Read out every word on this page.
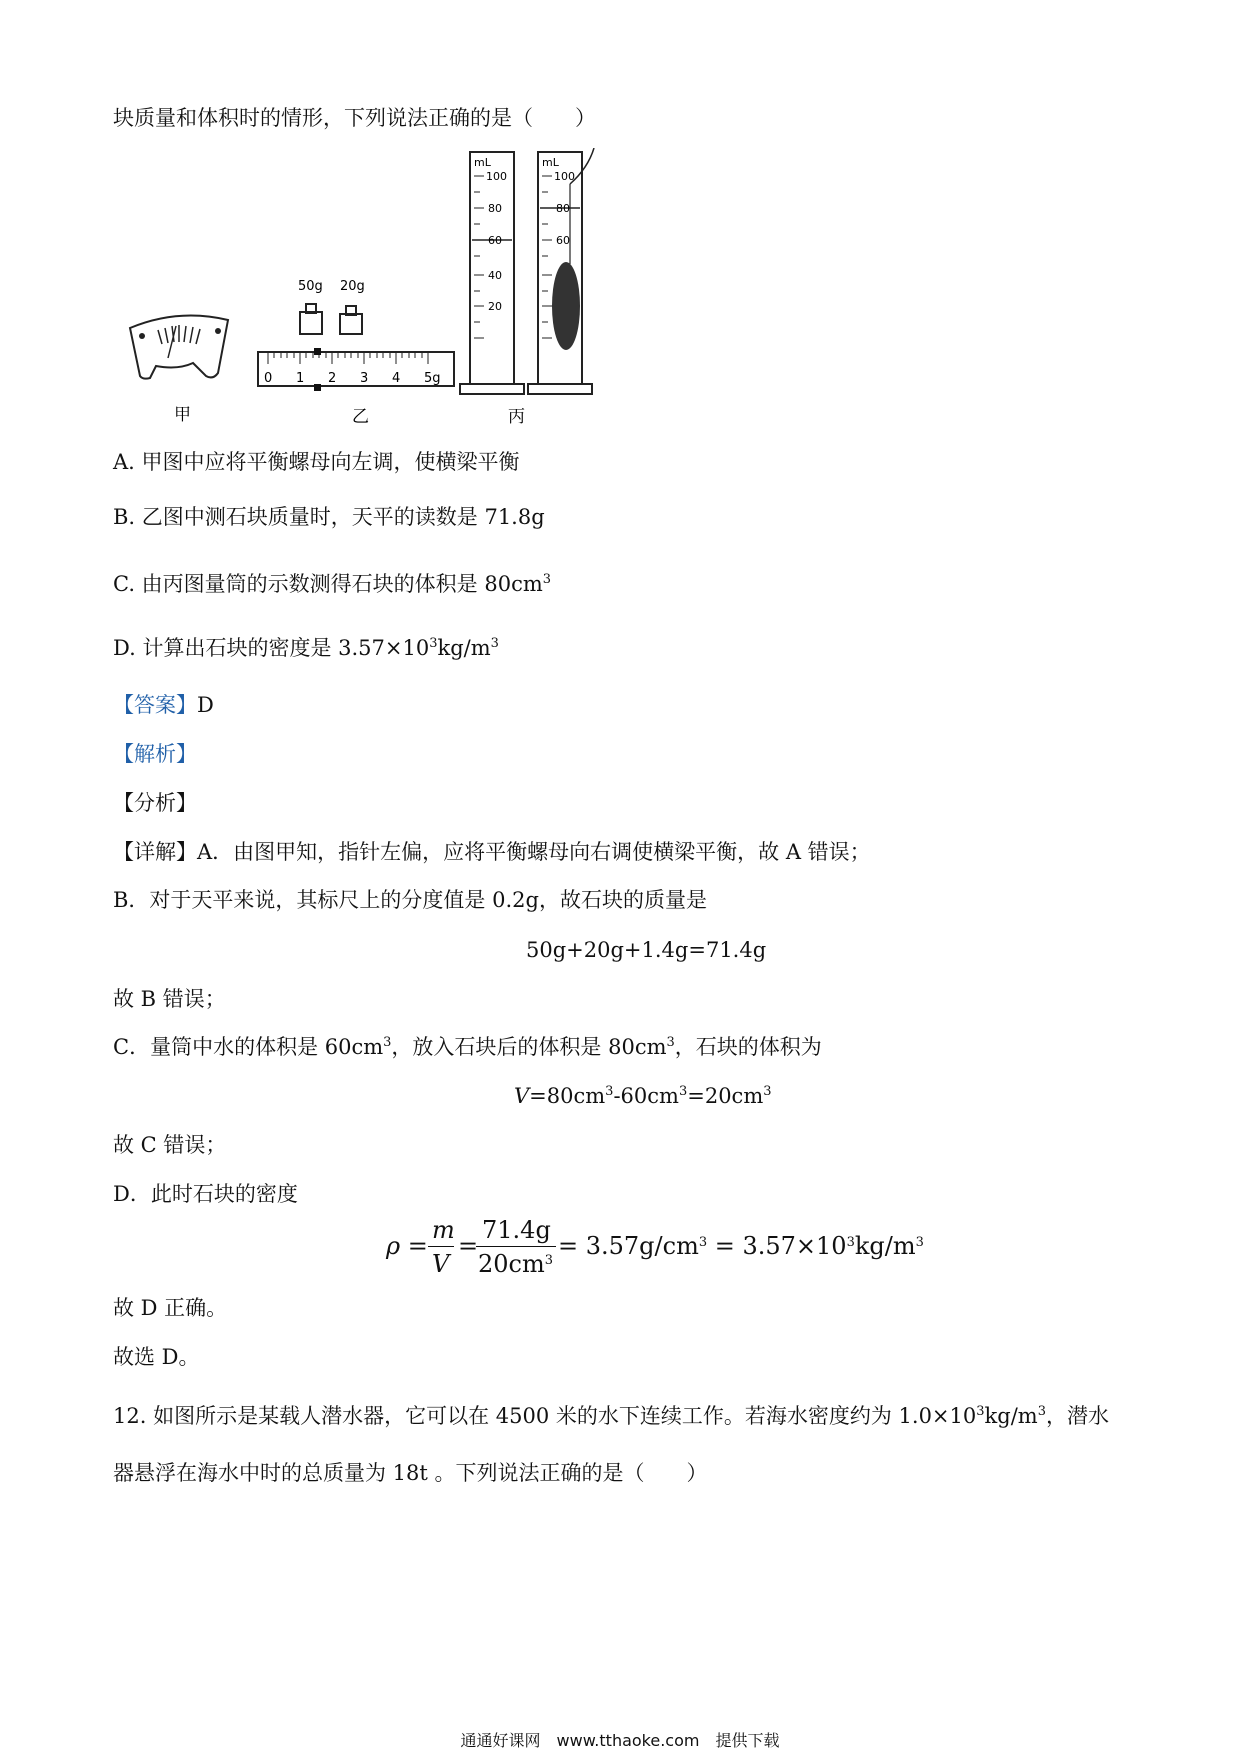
块质量和体积时的情形，下列说法正确的是（　　）
甲
50g 20g
0 1 2 3 4 5g
乙
mL
100
80
60
40
20
mL
100
80
60
丙
A. 甲图中应将平衡螺母向左调，使横梁平衡
B. 乙图中测石块质量时，天平的读数是 71.8g
C. 由丙图量筒的示数测得石块的体积是 $80cm^3$
D. 计算出石块的密度是 $3.57\times 10^3kg/m^3$
【答案】D
【解析】
【分析】
【详解】A．由图甲知，指针左偏，应将平衡螺母向右调使横梁平衡，故 A 错误；
B．对于天平来说，其标尺上的分度值是 0.2g，故石块的质量是
50g+20g+1.4g=71.4g
故 B 错误；
C．量筒中水的体积是 $60cm^3$，放入石块后的体积是 $80cm^3$，石块的体积为
$V=80cm^3-60cm^3=20cm^3$
故 C 错误；
D．此时石块的密度
ρ =
m
V
=
71.4g
$20cm^3$
= $3.57g/cm^3 = 3.57\times 10^3kg/m^3$
故 D 正确。
故选 D。
12. 如图所示是某载人潜水器，它可以在 4500 米的水下连续工作。若海水密度约为 $1.0\times 10^3kg/m^3$，潜水
器悬浮在海水中时的总质量为 18t 。下列说法正确的是（　　）
通通好课网　www.tthaoke.com　提供下载
